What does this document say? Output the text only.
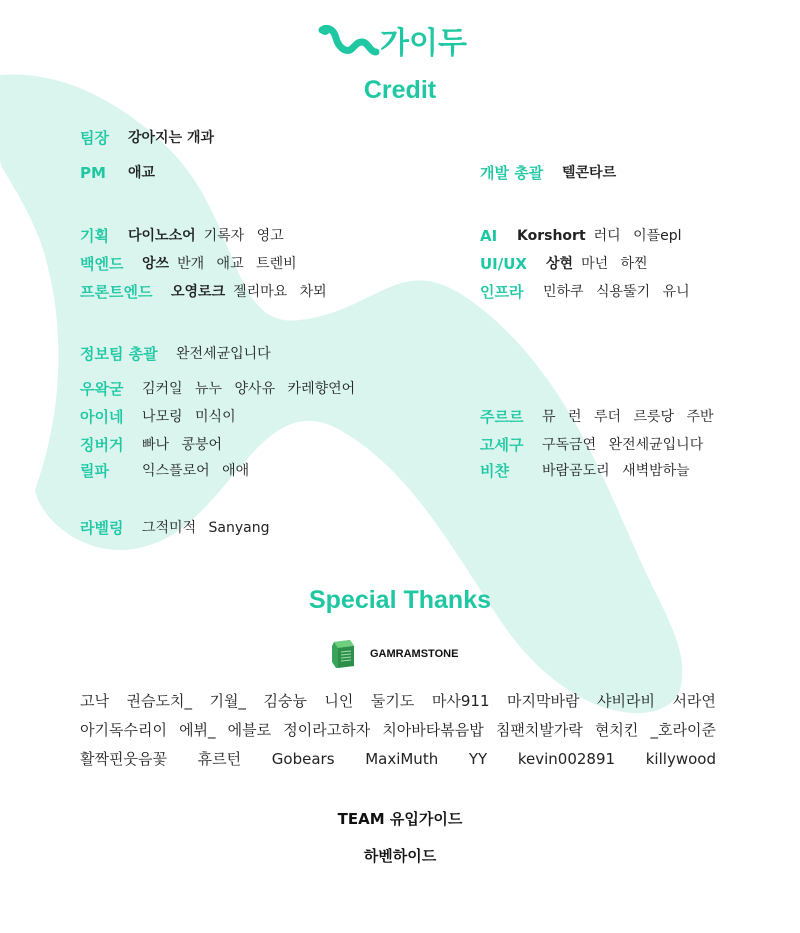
가이두
Credit
팀장 강아지는 개과
PM 애교	개발 총괄 텔콘타르
기획 다이노소어 기록자 영고	AI Korshort 러디 이플epl
백엔드 앙쓰 반개 애교 트렌비	UI/UX 상현 마넌 하찐
프론트엔드 오영로크 젤리마요 차뫼	인프라 민하쿠 식용뚤기 유니
정보팀 총괄 완전세균입니다
우왁굳 김커일 뉴누 양사유 카레향연어
아이네 나모링 미식이	주르르 뮤 런 루더 르릇당 주반
징버거 빠나 콩붕어	고세구 구독금연 완전세균입니다
릴파 익스플로어 애애	비챤 바람곰도리 새벽밤하늘
라벨링 그적미적 Sanyang
Special Thanks
GAMRAMSTONE
고낙 권슴도치_ 기월_ 김숭늉 니인 둘기도 마사911 마지막바람 샤비라비 서라연
아기독수리이 에뷔_ 에블로 정이라고하자 치아바타볶음밥 침팬치발가락 현치킨 _호라이준
활짝핀웃음꽃 휴르턴 Gobears MaxiMuth YY kevin002891 killywood
TEAM 유입가이드
하벤하이드
